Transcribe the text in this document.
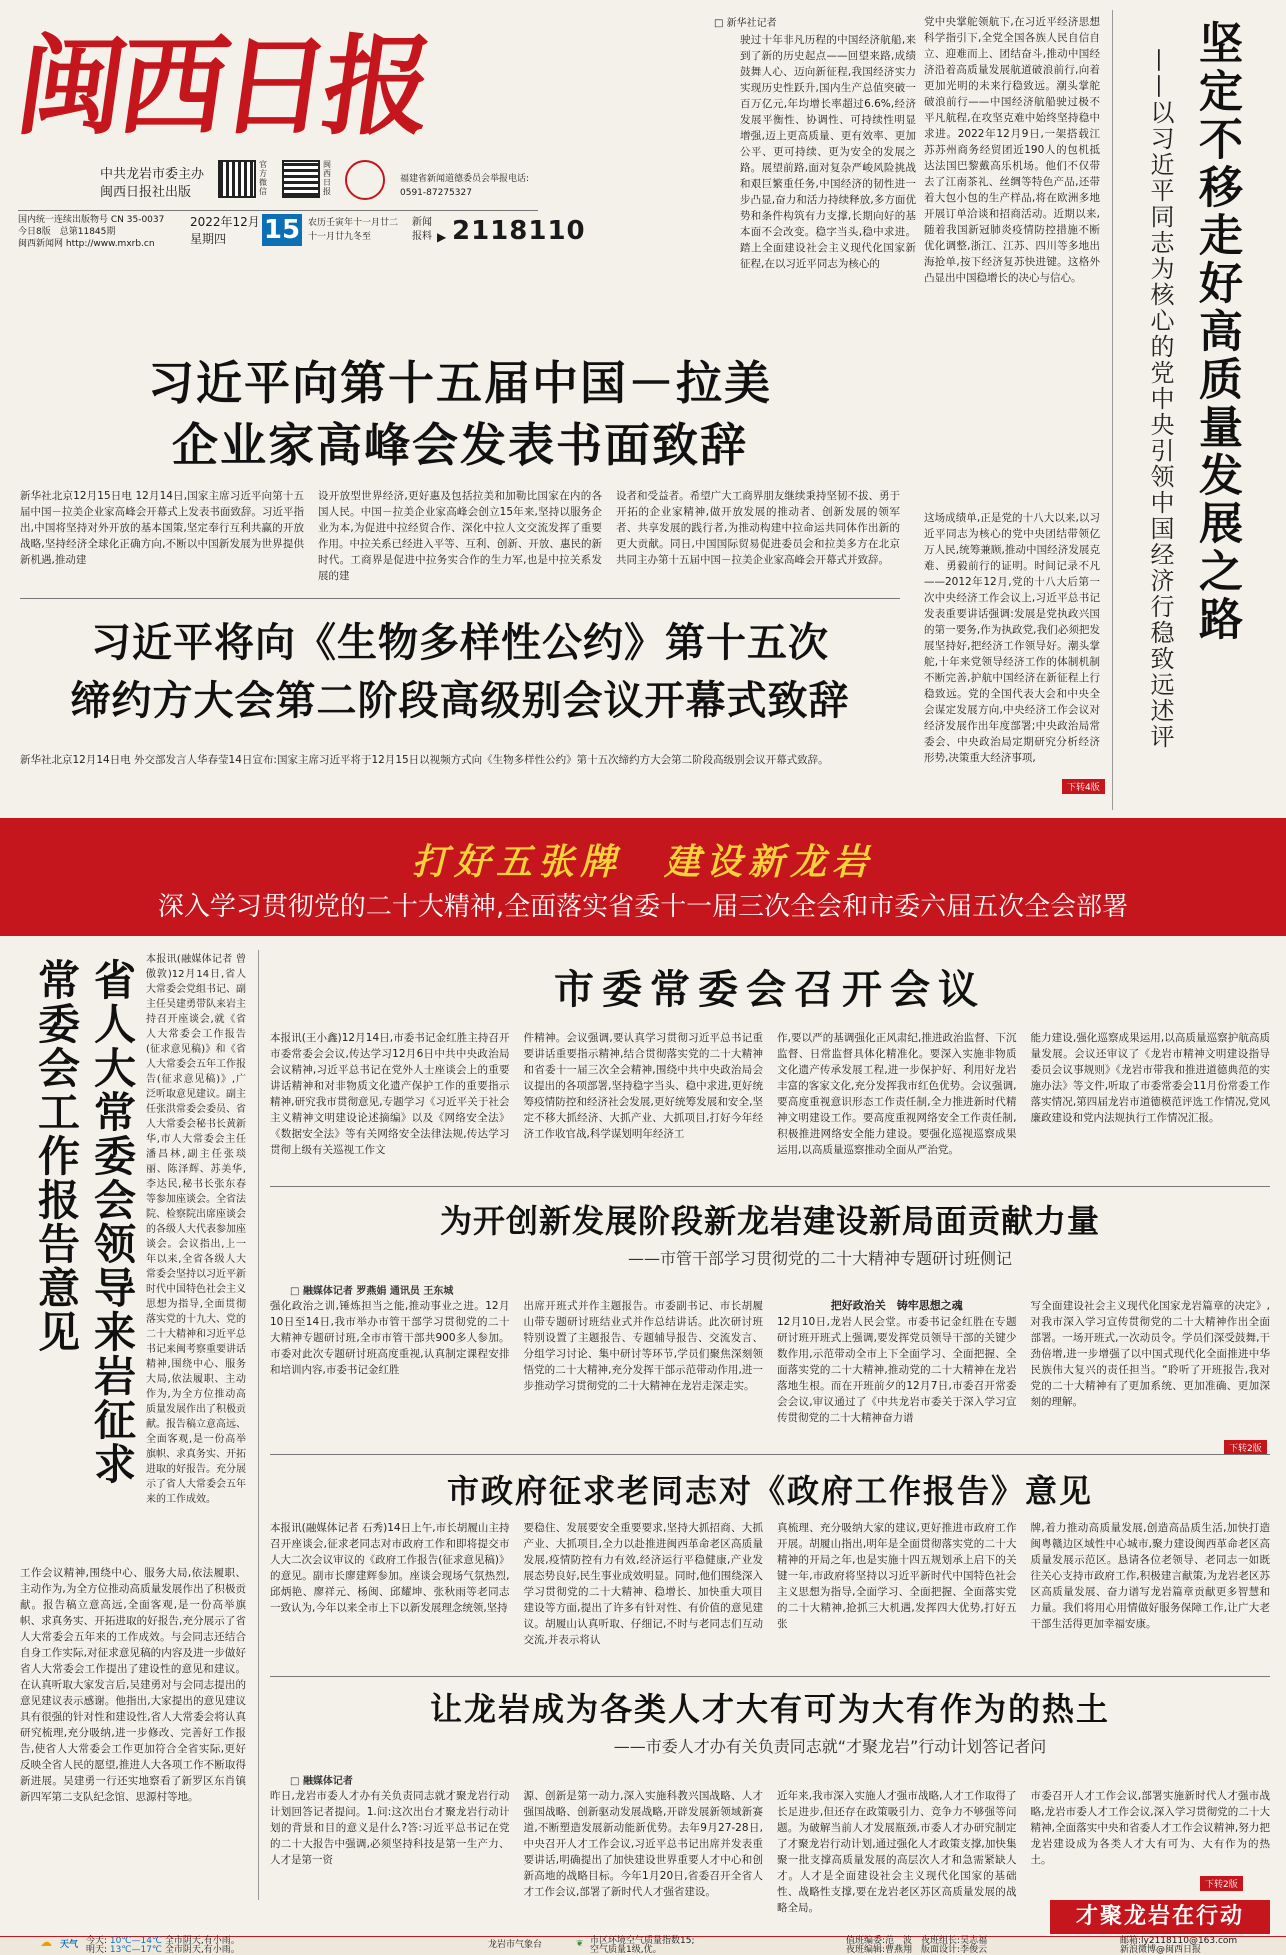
闽西日报
中共龙岩市委主办
闽西日报社出版
官方微信
闽西日报
国内统一连续出版物号 CN 35-0037
今日8版　 总第11845期
闽西新闻网 http://www.mxrb.cn
2022年12月
星期四	15 农历壬寅年十一月廿二
十一月廿九冬至
新闻
报料 ▶ 2118110
福建省新闻道德委员会举报电话:
0591-87275327
□ 新华社记者
驶过十年非凡历程的中国经济航船,来到了新的历史起点——回望来路,成绩鼓舞人心、迈向新征程,我国经济实力实现历史性跃升,国内生产总值突破一百万亿元,年均增长率超过6.6%,经济发展平衡性、协调性、可持续性明显增强,迈上更高质量、更有效率、更加公平、更可持续、更为安全的发展之路。展望前路,面对复杂严峻风险挑战和艰巨繁重任务,中国经济的韧性进一步凸显,奋力和活力持续释放,多方面优势和条件构筑有力支撑,长期向好的基本面不会改变。稳字当头,稳中求进。踏上全面建设社会主义现代化国家新征程,在以习近平同志为核心的
党中央掌舵领航下,在习近平经济思想科学指引下,全党全国各族人民自信自立、迎难而上、团结奋斗,推动中国经济沿着高质量发展航道破浪前行,向着更加光明的未来行稳致远。潮头掌舵破浪前行——中国经济航船驶过极不平凡航程,在攻坚克难中始终坚持稳中求进。2022年12月9日,一架搭载江苏苏州商务经贸团近190人的包机抵达法国巴黎戴高乐机场。他们不仅带去了江南茶礼、丝绸等特色产品,还带着大包小包的生产样品,将在欧洲多地开展订单洽谈和招商活动。近期以来,随着我国新冠肺炎疫情防控措施不断优化调整,浙江、江苏、四川等多地出海抢单,按下经济复苏快进键。这格外凸显出中国稳增长的决心与信心。
这场成绩单,正是党的十八大以来,以习近平同志为核心的党中央团结带领亿万人民,统筹兼顾,推动中国经济发展克难、勇毅前行的证明。时间记录不凡——2012年12月,党的十八大后第一次中央经济工作会议上,习近平总书记发表重要讲话强调:发展是党执政兴国的第一要务,作为执政党,我们必须把发展坚持好,把经济工作领导好。潮头掌舵,十年来党领导经济工作的体制机制不断完善,护航中国经济在新征程上行稳致远。党的全国代表大会和中央全会谋定发展方向,中央经济工作会议对经济发展作出年度部署;中央政治局常委会、中央政治局定期研究分析经济形势,决策重大经济事项,
下转4版
坚定不移走好高质量发展之路
——以习近平同志为核心的党中央引领中国经济行稳致远述评
习近平向第十五届中国－拉美
企业家高峰会发表书面致辞
新华社北京12月15日电 12月14日,国家主席习近平向第十五届中国－拉美企业家高峰会开幕式上发表书面致辞。习近平指出,中国将坚持对外开放的基本国策,坚定奉行互利共赢的开放战略,坚持经济全球化正确方向,不断以中国新发展为世界提供新机遇,推动建
设开放型世界经济,更好惠及包括拉美和加勒比国家在内的各国人民。中国－拉美企业家高峰会创立15年来,坚持以服务企业为本,为促进中拉经贸合作、深化中拉人文交流发挥了重要作用。中拉关系已经进入平等、互利、创新、开放、惠民的新时代。工商界是促进中拉务实合作的生力军,也是中拉关系发展的建
设者和受益者。希望广大工商界朋友继续秉持坚韧不拔、勇于开拓的企业家精神,做开放发展的推动者、创新发展的领军者、共享发展的践行者,为推动构建中拉命运共同体作出新的更大贡献。同日,中国国际贸易促进委员会和拉美多方在北京共同主办第十五届中国－拉美企业家高峰会开幕式并致辞。
习近平将向《生物多样性公约》第十五次
缔约方大会第二阶段高级别会议开幕式致辞
新华社北京12月14日电 外交部发言人华春莹14日宣布:国家主席习近平将于12月15日以视频方式向《生物多样性公约》第十五次缔约方大会第二阶段高级别会议开幕式致辞。
打好五张牌　建设新龙岩
深入学习贯彻党的二十大精神,全面落实省委十一届三次全会和市委六届五次全会部署
省人大常委会领导来岩征求常委会工作报告意见	本报讯(融媒体记者 曾傲敦)12月14日,省人大常委会党组书记、副主任吴建勇带队来岩主持召开座谈会,就《省人大常委会工作报告(征求意见稿)》和《省人大常委会五年工作报告(征求意见稿)》,广泛听取意见建议。副主任张洪常委会委员、省人大常委会秘书长黄新华,市人大常委会主任潘昌林,副主任张琰丽、陈泽辉、苏美华,李达民,秘书长张东春等参加座谈会。全省法院、检察院出席座谈会的各级人大代表参加座谈会。会议指出,上一年以来,全省各级人大常委会坚持以习近平新时代中国特色社会主义思想为指导,全面贯彻落实党的十九大、党的二十大精神和习近平总书记来闽考察重要讲话精神,围绕中心、服务大局,依法履职、主动作为,为全方位推动高质量发展作出了积极贡献。报告稿立意高远、全面客观,是一份高举旗帜、求真务实、开拓进取的好报告。充分展示了省人大常委会五年来的工作成效。
工作会议精神,围绕中心、服务大局,依法履职、主动作为,为全方位推动高质量发展作出了积极贡献。报告稿立意高远,全面客观,是一份高举旗帜、求真务实、开拓进取的好报告,充分展示了省人大常委会五年来的工作成效。与会同志还结合自身工作实际,对征求意见稿的内容及进一步做好省人大常委会工作提出了建设性的意见和建议。在认真听取大家发言后,吴建勇对与会同志提出的意见建议表示感谢。他指出,大家提出的意见建议具有很强的针对性和建设性,省人大常委会将认真研究梳理,充分吸纳,进一步修改、完善好工作报告,使省人大常委会工作更加符合全省实际,更好反映全省人民的愿望,推进人大各项工作不断取得新进展。吴建勇一行还实地察看了新罗区东肖镇新四军第二支队纪念馆、思源村等地。
市委常委会召开会议
本报讯(王小鑫)12月14日,市委书记金红胜主持召开市委常委会会议,传达学习12月6日中共中央政治局会议精神,习近平总书记在党外人士座谈会上的重要讲话精神和对非物质文化遗产保护工作的重要指示精神,研究我市贯彻意见,专题学习《习近平关于社会主义精神文明建设论述摘编》以及《网络安全法》《数据安全法》等有关网络安全法律法规,传达学习贯彻上级有关巡视工作文
件精神。会议强调,要认真学习贯彻习近平总书记重要讲话重要指示精神,结合贯彻落实党的二十大精神和省委十一届三次全会精神,围绕中共中央政治局会议提出的各项部署,坚持稳字当头、稳中求进,更好统筹疫情防控和经济社会发展,更好统筹发展和安全,坚定不移大抓经济、大抓产业、大抓项目,打好今年经济工作收官战,科学谋划明年经济工
作,要以严的基调强化正风肃纪,推进政治监督、下沉监督、日常监督具体化精准化。要深入实施非物质文化遗产传承发展工程,进一步保护好、利用好龙岩丰富的客家文化,充分发挥我市红色优势。会议强调,要高度重视意识形态工作责任制,全力推进新时代精神文明建设工作。要高度重视网络安全工作责任制,积极推进网络安全能力建设。要强化巡视巡察成果运用,以高质量巡察推动全面从严治党。
能力建设,强化巡察成果运用,以高质量巡察护航高质量发展。会议还审议了《龙岩市精神文明建设指导委员会议事规则》《龙岩市带我和推进道德典范的实施办法》等文件,听取了市委常委会11月份常委工作落实情况,第四届龙岩市道德模范评选工作情况,党风廉政建设和党内法规执行工作情况汇报。
为开创新发展阶段新龙岩建设新局面贡献力量
——市管干部学习贯彻党的二十大精神专题研讨班侧记
□ 融媒体记者 罗燕娟 通讯员 王东城
强化政治之训,锤炼担当之能,推动事业之进。12月10日至14日,我市举办市管干部学习贯彻党的二十大精神专题研讨班,全市市管干部共900多人参加。市委对此次专题研讨班高度重视,认真制定课程安排和培训内容,市委书记金红胜
出席开班式并作主题报告。市委副书记、市长胡履山带专题研讨班结业式并作总结讲话。此次研讨班特别设置了主题报告、专题辅导报告、交流发言、分组学习讨论、集中研讨等环节,学员们聚焦深刻领悟党的二十大精神,充分发挥干部示范带动作用,进一步推动学习贯彻党的二十大精神在龙岩走深走实。
把好政治关　铸牢思想之魂
12月10日,龙岩人民会堂。市委书记金红胜在专题研讨班开班式上强调,要发挥党员领导干部的关键少数作用,示范带动全市上下全面学习、全面把握、全面落实党的二十大精神,推动党的二十大精神在龙岩落地生根。而在开班前夕的12月7日,市委召开常委会会议,审议通过了《中共龙岩市委关于深入学习宣传贯彻党的二十大精神奋力谱
写全面建设社会主义现代化国家龙岩篇章的决定》,对我市深入学习宣传贯彻党的二十大精神作出全面部署。一场开班式,一次动员令。学员们深受鼓舞,干劲倍增,进一步增强了以中国式现代化全面推进中华民族伟大复兴的责任担当。“聆听了开班报告,我对党的二十大精神有了更加系统、更加准确、更加深刻的理解。
下转2版
市政府征求老同志对《政府工作报告》意见
本报讯(融媒体记者 石秀)14日上午,市长胡履山主持召开座谈会,征求老同志对市政府工作和即将提交市人大二次会议审议的《政府工作报告(征求意见稿)》的意见。副市长廖建辉参加。座谈会现场气氛热烈,邱炳艳、廖祥元、杨闽、邱耀坤、张秋雨等老同志一致认为,今年以来全市上下以新发展理念统领,坚持
要稳住、发展要安全重要要求,坚持大抓招商、大抓产业、大抓项目,全力以赴推进闽西革命老区高质量发展,疫情防控有力有效,经济运行平稳健康,产业发展态势良好,民生事业成效明显。同时,他们围绕深入学习贯彻党的二十大精神、稳增长、加快重大项目建设等方面,提出了许多有针对性、有价值的意见建议。胡履山认真听取、仔细记,不时与老同志们互动交流,并表示将认
真梳理、充分吸纳大家的建议,更好推进市政府工作开展。胡履山指出,明年是全面贯彻落实党的二十大精神的开局之年,也是实施十四五规划承上启下的关键一年,市政府将坚持以习近平新时代中国特色社会主义思想为指导,全面学习、全面把握、全面落实党的二十大精神,抢抓三大机遇,发挥四大优势,打好五张
牌,着力推动高质量发展,创造高品质生活,加快打造闽粤赣边区域性中心城市,聚力建设闽西革命老区高质量发展示范区。恳请各位老领导、老同志一如既往关心支持市政府工作,积极建言献策,为龙岩老区苏区高质量发展、奋力谱写龙岩篇章贡献更多智慧和力量。我们将用心用情做好服务保障工作,让广大老干部生活得更加幸福安康。
让龙岩成为各类人才大有可为大有作为的热土
——市委人才办有关负责同志就“才聚龙岩”行动计划答记者问
□ 融媒体记者
昨日,龙岩市委人才办有关负责同志就才聚龙岩行动计划回答记者提问。1.问:这次出台才聚龙岩行动计划的背景和目的意义是什么?答:习近平总书记在党的二十大报告中强调,必须坚持科技是第一生产力、人才是第一资
源、创新是第一动力,深入实施科教兴国战略、人才强国战略、创新驱动发展战略,开辟发展新领域新赛道,不断塑造发展新动能新优势。去年9月27-28日,中央召开人才工作会议,习近平总书记出席并发表重要讲话,明确提出了加快建设世界重要人才中心和创新高地的战略目标。今年1月20日,省委召开全省人才工作会议,部署了新时代人才强省建设。
近年来,我市深入实施人才强市战略,人才工作取得了长足进步,但还存在政策吸引力、竞争力不够强等问题。为破解当前人才发展瓶颈,市委人才办研究制定了才聚龙岩行动计划,通过强化人才政策支撑,加快集聚一批支撑高质量发展的高层次人才和急需紧缺人才。人才是全面建设社会主义现代化国家的基础性、战略性支撑,要在龙岩老区苏区高质量发展的战略全局。
市委召开人才工作会议,部署实施新时代人才强市战略,龙岩市委人才工作会议,深入学习贯彻党的二十大精神,全面落实中央和省委人才工作会议精神,努力把龙岩建设成为各类人才大有可为、大有作为的热土。
下转2版
才聚龙岩在行动
☁ 天气 今天: 10℃—14℃ 全市阴天,有小雨。
明天: 13℃—17℃ 全市阴天,有小雨。	龙岩市气象台	❦ 市区环境空气质量指数15;
空气质量1级,优。
值班编委:范　波　夜班组长:吴志福
夜班编辑:曹燕翔　版面设计:李俊云
邮箱:ly2118110@163.com
新浪微博@闽西日报
